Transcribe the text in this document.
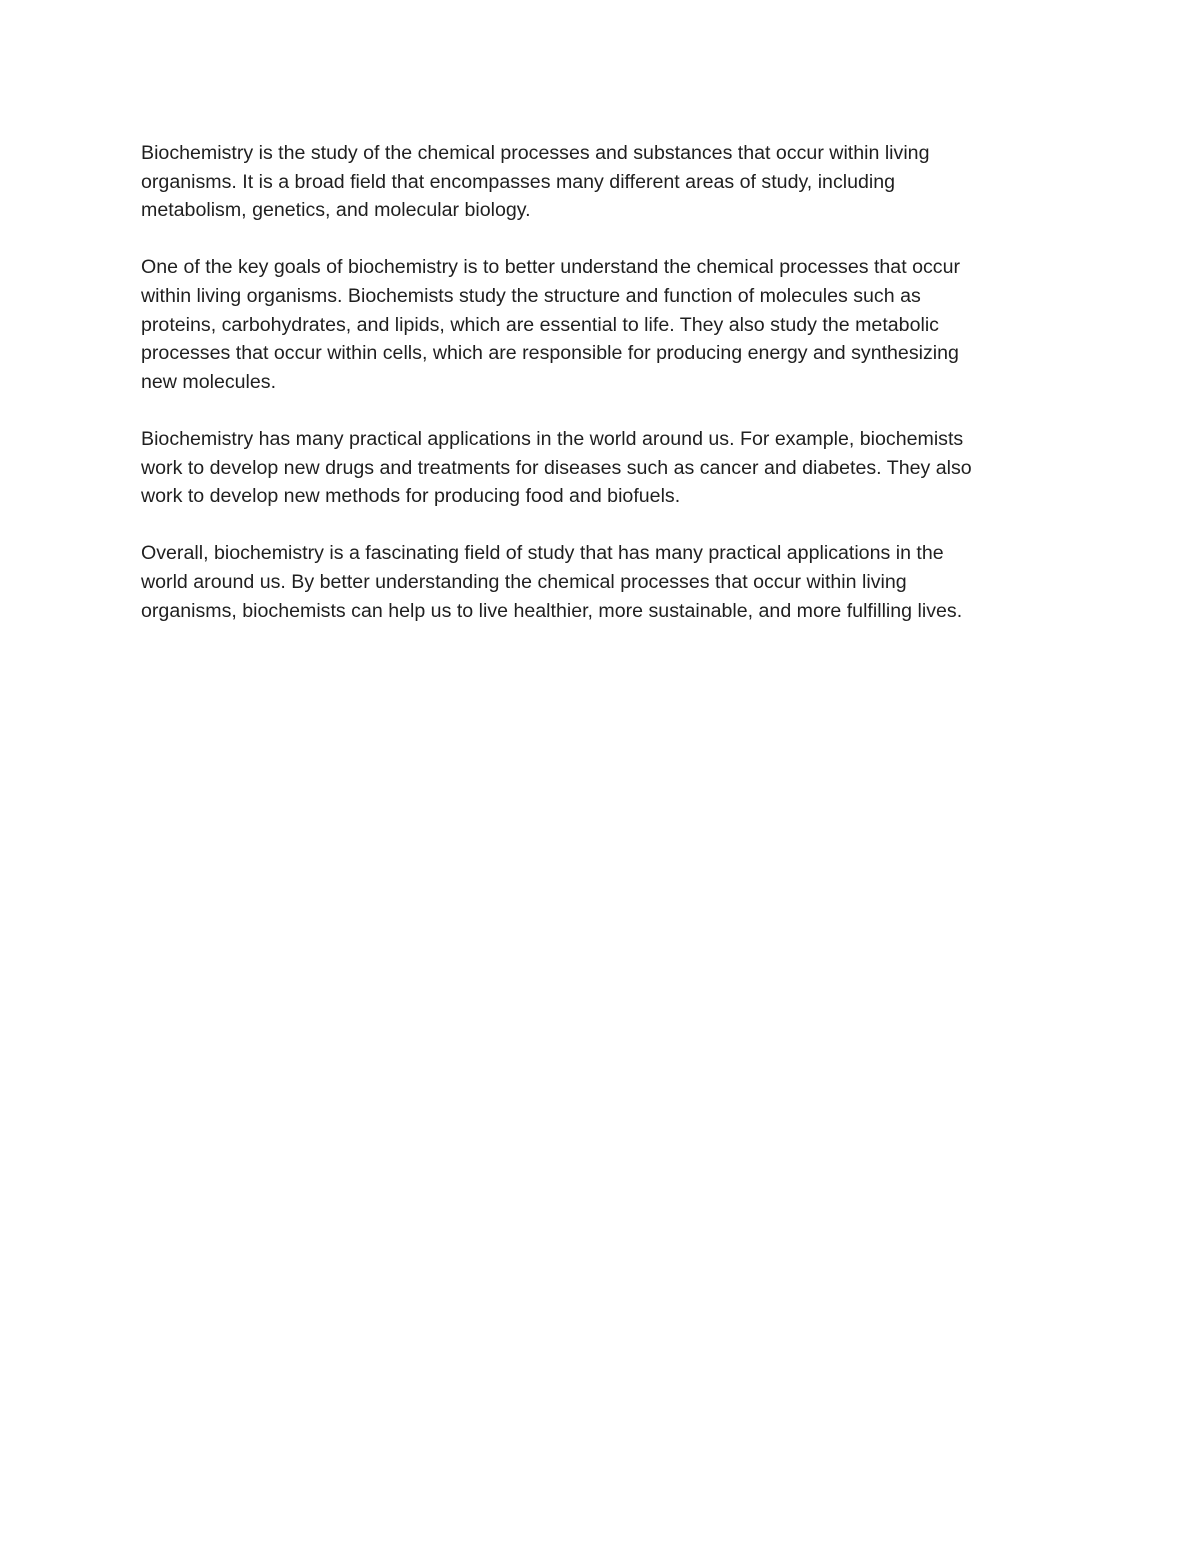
Biochemistry is the study of the chemical processes and substances that occur within living
organisms. It is a broad field that encompasses many different areas of study, including
metabolism, genetics, and molecular biology.

One of the key goals of biochemistry is to better understand the chemical processes that occur
within living organisms. Biochemists study the structure and function of molecules such as
proteins, carbohydrates, and lipids, which are essential to life. They also study the metabolic
processes that occur within cells, which are responsible for producing energy and synthesizing
new molecules.

Biochemistry has many practical applications in the world around us. For example, biochemists
work to develop new drugs and treatments for diseases such as cancer and diabetes. They also
work to develop new methods for producing food and biofuels.

Overall, biochemistry is a fascinating field of study that has many practical applications in the
world around us. By better understanding the chemical processes that occur within living
organisms, biochemists can help us to live healthier, more sustainable, and more fulfilling lives.
